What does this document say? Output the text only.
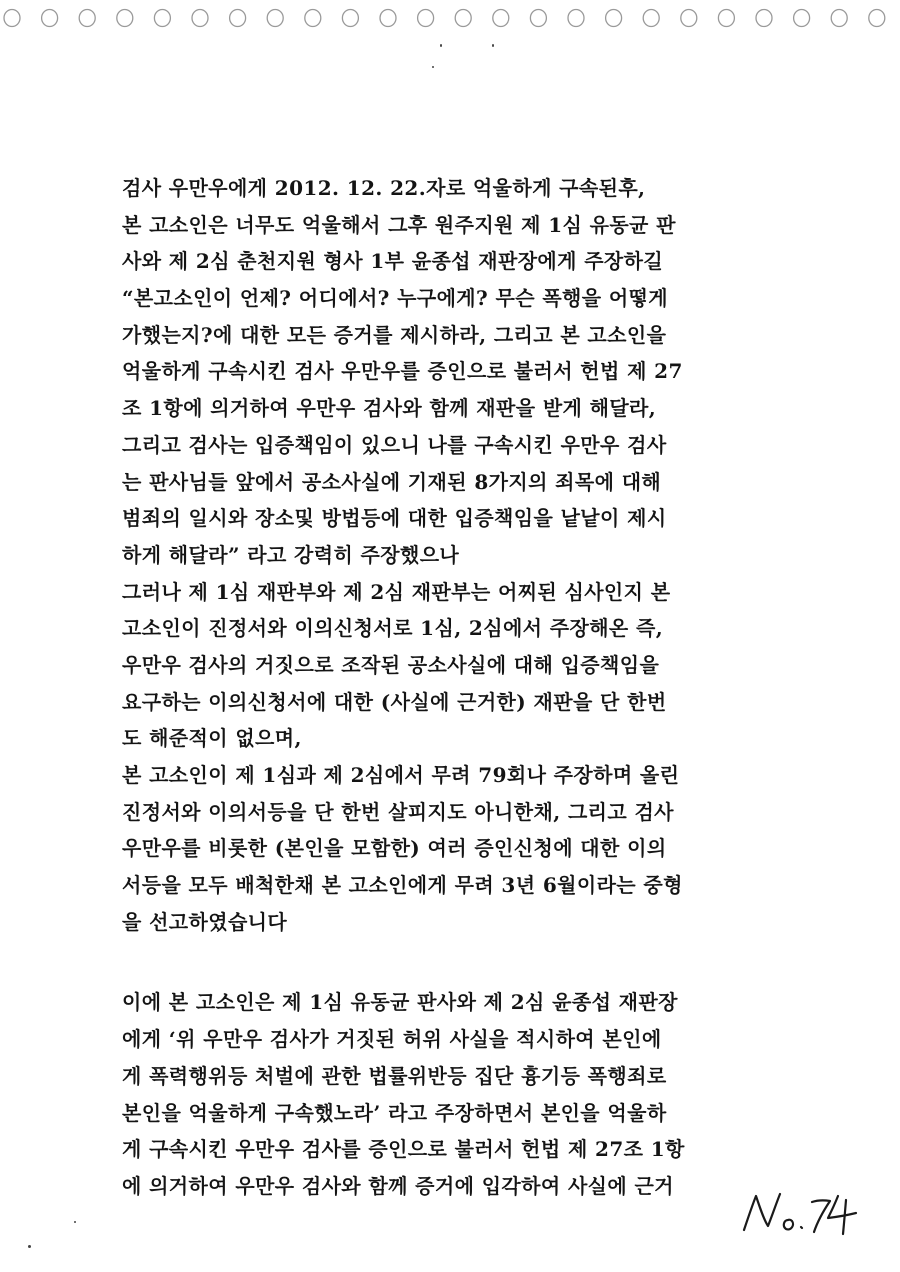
검사 우만우에게 2012. 12. 22.자로 억울하게 구속된후,
본 고소인은 너무도 억울해서 그후 원주지원 제 1심 유동균 판
사와 제 2심 춘천지원 형사 1부 윤종섭 재판장에게 주장하길
“본고소인이 언제? 어디에서? 누구에게? 무슨 폭행을 어떻게
가했는지?에 대한 모든 증거를 제시하라, 그리고 본 고소인을
억울하게 구속시킨 검사 우만우를 증인으로 불러서 헌법 제 27
조 1항에 의거하여 우만우 검사와 함께 재판을 받게 해달라,
그리고 검사는 입증책임이 있으니 나를 구속시킨 우만우 검사
는 판사님들 앞에서 공소사실에 기재된 8가지의 죄목에 대해
범죄의 일시와 장소및 방법등에 대한 입증책임을 낱낱이 제시
하게 해달라” 라고 강력히 주장했으나
그러나 제 1심 재판부와 제 2심 재판부는 어찌된 심사인지 본
고소인이 진정서와 이의신청서로 1심, 2심에서 주장해온 즉,
우만우 검사의 거짓으로 조작된 공소사실에 대해 입증책임을
요구하는 이의신청서에 대한 (사실에 근거한) 재판을 단 한번
도 해준적이 없으며,
본 고소인이 제 1심과 제 2심에서 무려 79회나 주장하며 올린
진정서와 이의서등을 단 한번 살피지도 아니한채, 그리고 검사
우만우를 비롯한 (본인을 모함한) 여러 증인신청에 대한 이의
서등을 모두 배척한채 본 고소인에게 무려 3년 6월이라는 중형
을 선고하였습니다
이에 본 고소인은 제 1심 유동균 판사와 제 2심 윤종섭 재판장
에게 ‘위 우만우 검사가 거짓된 허위 사실을 적시하여 본인에
게 폭력행위등 처벌에 관한 법률위반등 집단 흉기등 폭행죄로
본인을 억울하게 구속했노라’ 라고 주장하면서 본인을 억울하
게 구속시킨 우만우 검사를 증인으로 불러서 헌법 제 27조 1항
에 의거하여 우만우 검사와 함께 증거에 입각하여 사실에 근거
